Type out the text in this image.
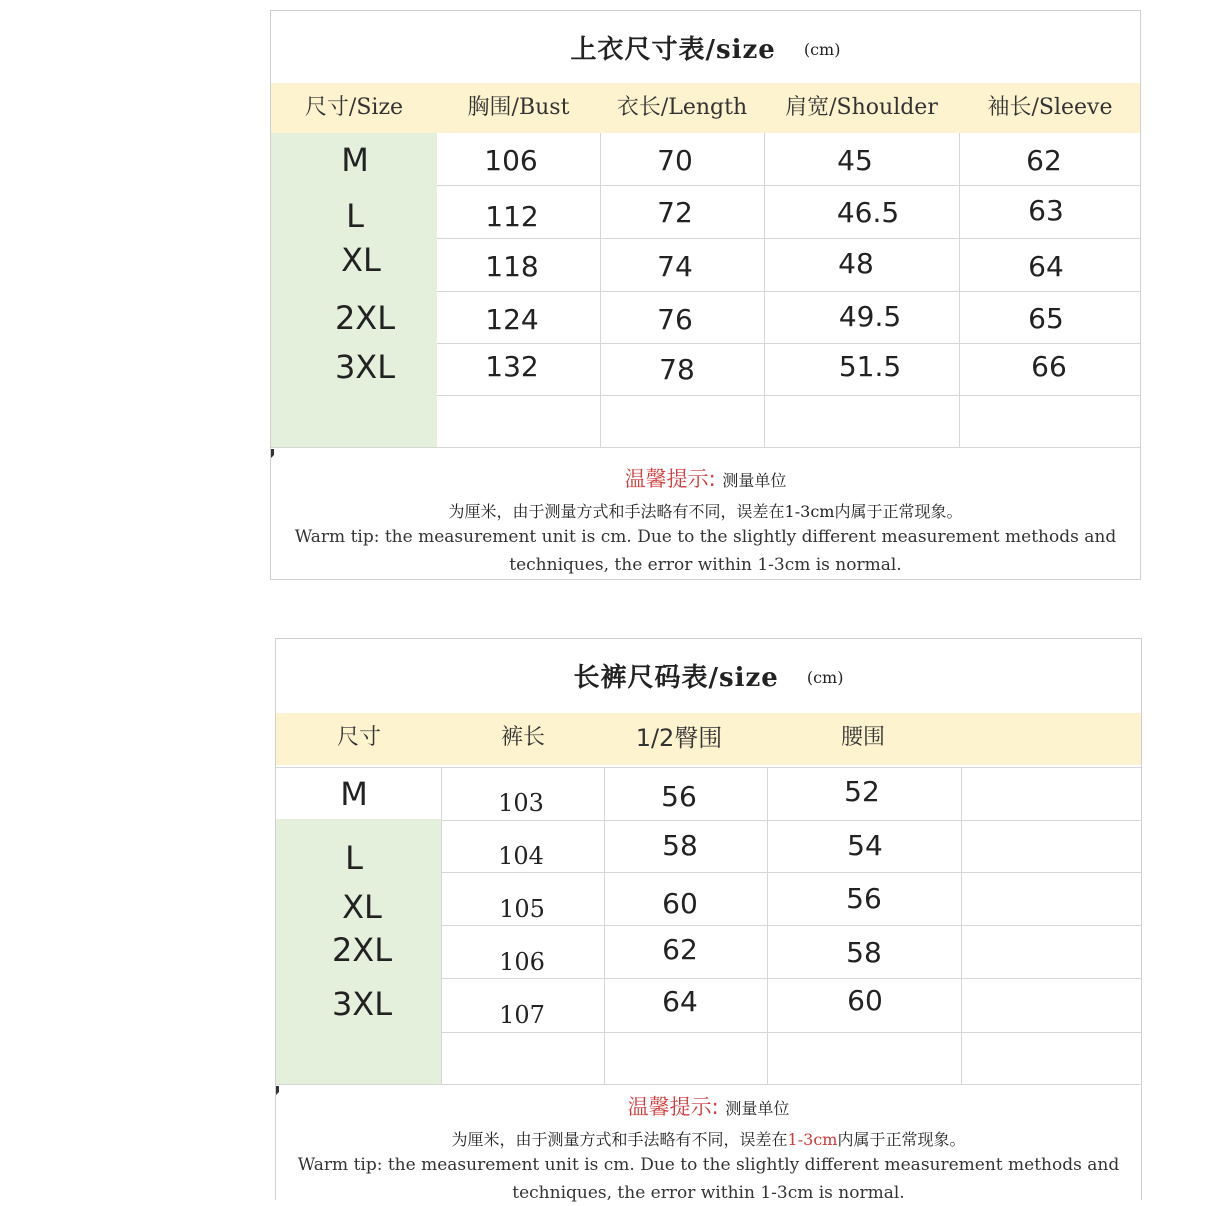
上衣尺寸表/size (cm)
尺寸/Size	胸围/Bust	衣长/Length	肩宽/Shoulder	袖长/Sleeve
M	106	70	45	62
L	112	72	46.5	63
XL	118	74	48	64
2XL	124	76	49.5	65
3XL	132	78	51.5	66
温馨提示: 测量单位
为厘米，由于测量方式和手法略有不同，误差在1-3cm内属于正常现象。
Warm tip: the measurement unit is cm. Due to the slightly different measurement methods and
techniques, the error within 1-3cm is normal.
长裤尺码表/size (cm)
尺寸	裤长	1/2臀围	腰围
M	103	56	52
L	104	58	54
XL	105	60	56
2XL	106	62	58
3XL	107	64	60
温馨提示: 测量单位
为厘米，由于测量方式和手法略有不同，误差在1-3cm内属于正常现象。
Warm tip: the measurement unit is cm. Due to the slightly different measurement methods and
techniques, the error within 1-3cm is normal.
